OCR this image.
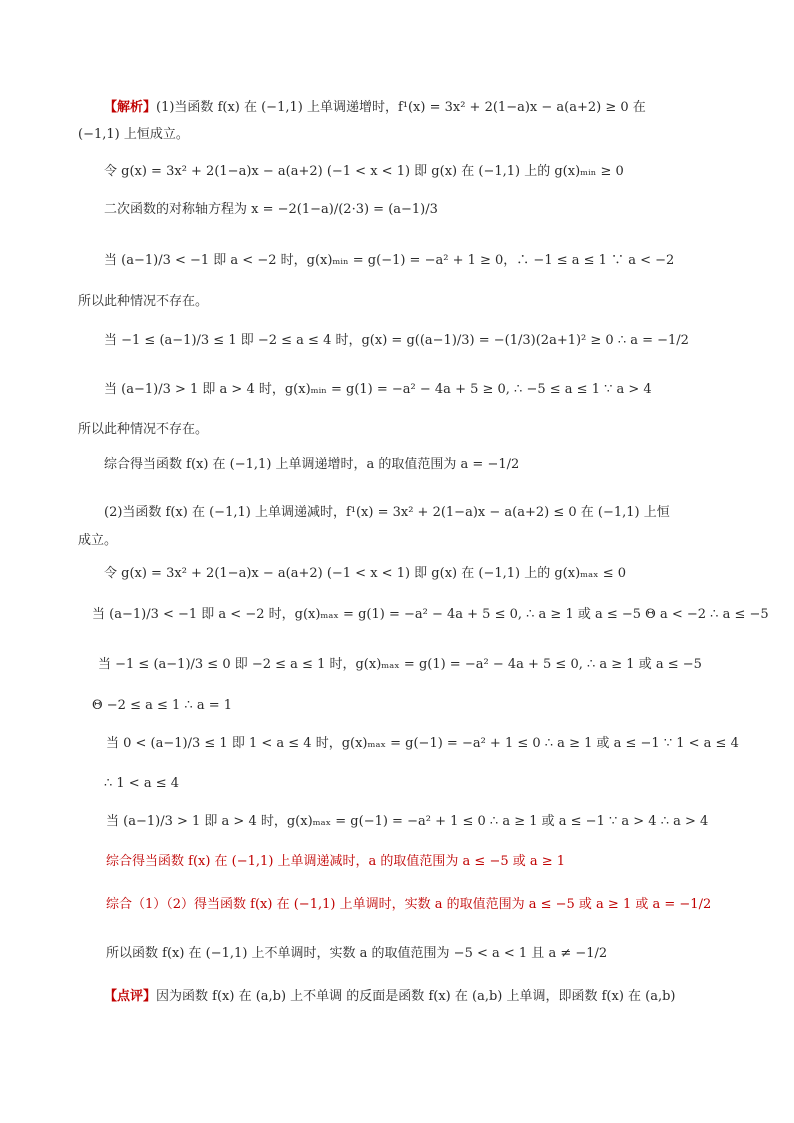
【解析】(1)当函数 f(x) 在 (−1,1) 上单调递增时，f¹(x) = 3x² + 2(1−a)x − a(a+2) ≥ 0 在
(−1,1) 上恒成立。
令 g(x) = 3x² + 2(1−a)x − a(a+2) (−1 < x < 1) 即 g(x) 在 (−1,1) 上的 g(x)ₘᵢₙ ≥ 0
二次函数的对称轴方程为 x = −2(1−a)/(2·3) = (a−1)/3
当 (a−1)/3 < −1 即 a < −2 时，g(x)ₘᵢₙ = g(−1) = −a² + 1 ≥ 0，∴ −1 ≤ a ≤ 1 ∵ a < −2
所以此种情况不存在。
当 −1 ≤ (a−1)/3 ≤ 1 即 −2 ≤ a ≤ 4 时，g(x) = g((a−1)/3) = −(1/3)(2a+1)² ≥ 0 ∴ a = −1/2
当 (a−1)/3 > 1 即 a > 4 时，g(x)ₘᵢₙ = g(1) = −a² − 4a + 5 ≥ 0, ∴ −5 ≤ a ≤ 1 ∵ a > 4
所以此种情况不存在。
综合得当函数 f(x) 在 (−1,1) 上单调递增时，a 的取值范围为 a = −1/2
(2)当函数 f(x) 在 (−1,1) 上单调递减时，f¹(x) = 3x² + 2(1−a)x − a(a+2) ≤ 0 在 (−1,1) 上恒
成立。
令 g(x) = 3x² + 2(1−a)x − a(a+2) (−1 < x < 1) 即 g(x) 在 (−1,1) 上的 g(x)ₘₐₓ ≤ 0
当 (a−1)/3 < −1 即 a < −2 时，g(x)ₘₐₓ = g(1) = −a² − 4a + 5 ≤ 0, ∴ a ≥ 1 或 a ≤ −5 Θ a < −2 ∴ a ≤ −5
当 −1 ≤ (a−1)/3 ≤ 0 即 −2 ≤ a ≤ 1 时，g(x)ₘₐₓ = g(1) = −a² − 4a + 5 ≤ 0, ∴ a ≥ 1 或 a ≤ −5
Θ −2 ≤ a ≤ 1 ∴ a = 1
当 0 < (a−1)/3 ≤ 1 即 1 < a ≤ 4 时，g(x)ₘₐₓ = g(−1) = −a² + 1 ≤ 0 ∴ a ≥ 1 或 a ≤ −1 ∵ 1 < a ≤ 4
∴ 1 < a ≤ 4
当 (a−1)/3 > 1 即 a > 4 时，g(x)ₘₐₓ = g(−1) = −a² + 1 ≤ 0 ∴ a ≥ 1 或 a ≤ −1 ∵ a > 4 ∴ a > 4
综合得当函数 f(x) 在 (−1,1) 上单调递减时，a 的取值范围为 a ≤ −5 或 a ≥ 1
综合（1）（2）得当函数 f(x) 在 (−1,1) 上单调时，实数 a 的取值范围为 a ≤ −5 或 a ≥ 1 或 a = −1/2
所以函数 f(x) 在 (−1,1) 上不单调时，实数 a 的取值范围为 −5 < a < 1 且 a ≠ −1/2
【点评】因为函数 f(x) 在 (a,b) 上不单调 的反面是函数 f(x) 在 (a,b) 上单调，即函数 f(x) 在 (a,b)
